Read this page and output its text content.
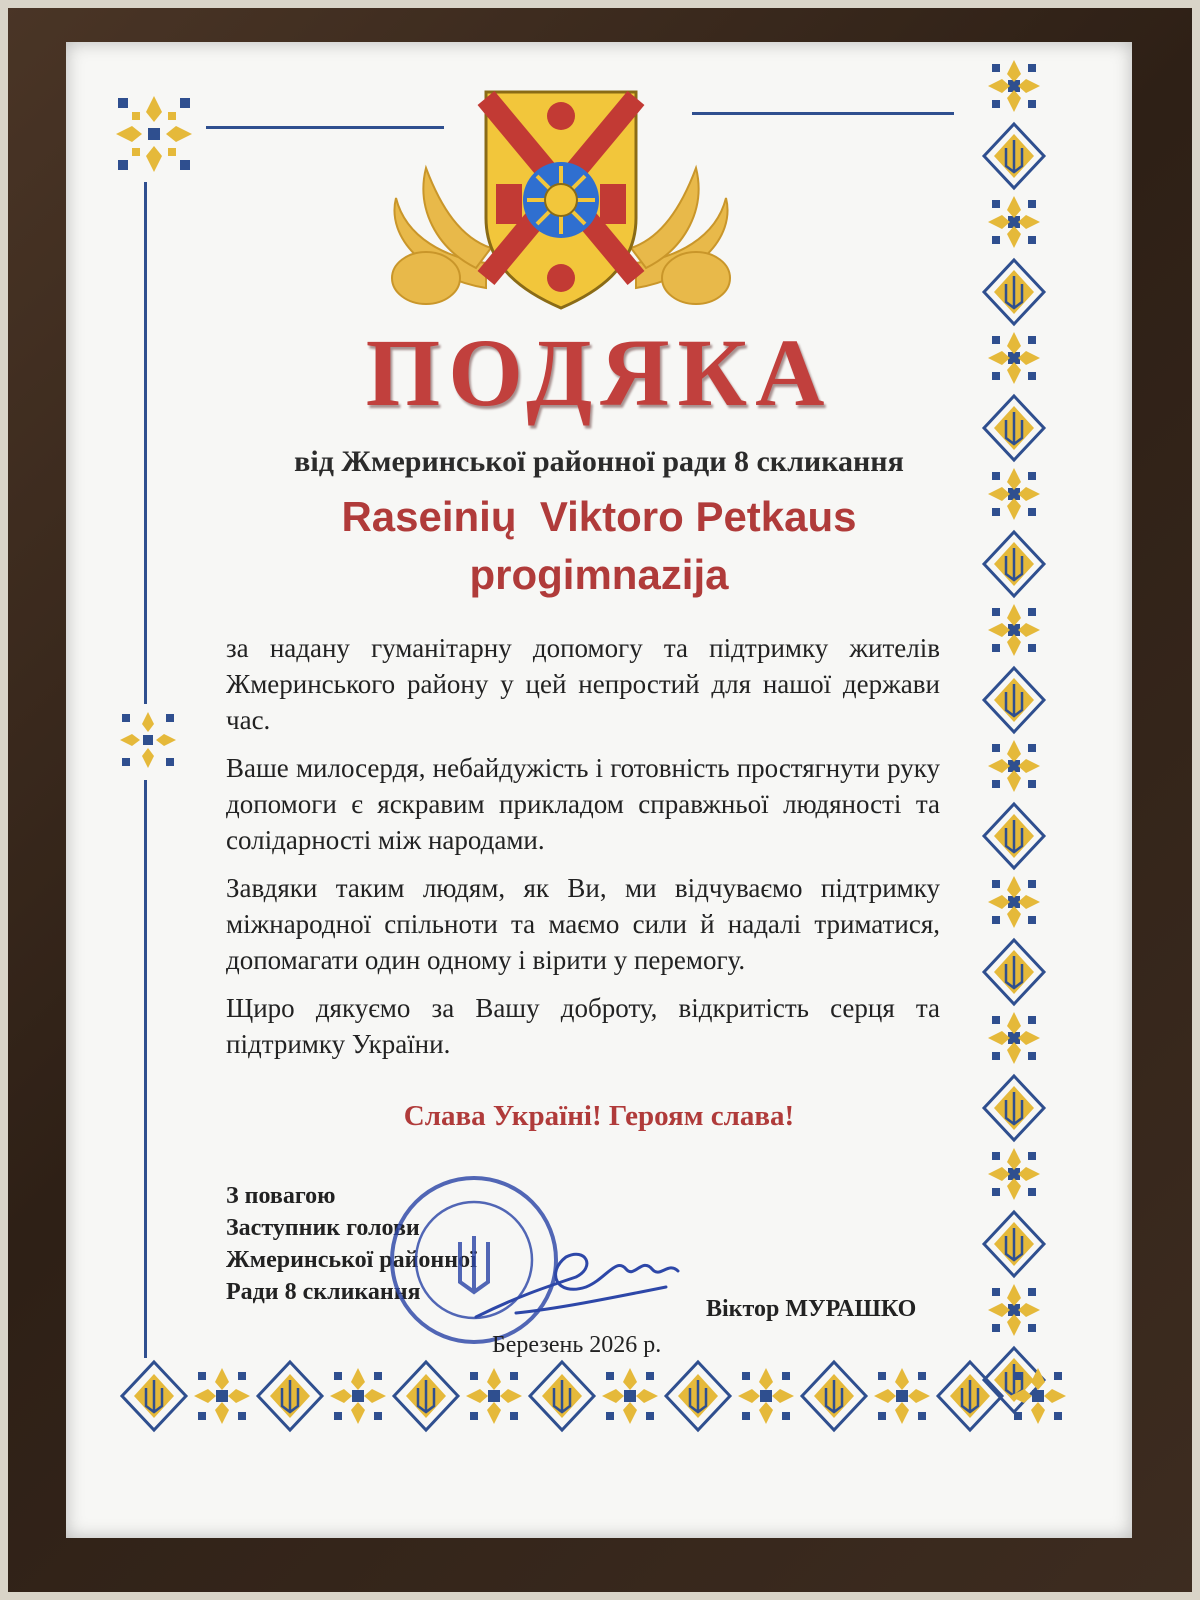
ПОДЯКА
від Жмеринської районної ради 8 скликання
Raseinių  Viktoro Petkaus
progimnazija

за надану гуманітарну допомогу та підтримку жителів Жмеринського району у цей непростий для нашої держави час.

Ваше милосердя, небайдужість і готовність простягнути руку допомоги є яскравим прикладом справжньої людяності та солідарності між народами.

Завдяки таким людям, як Ви, ми відчуваємо підтримку міжнародної спільноти та маємо сили й надалі триматися, допомагати один одному і вірити у перемогу.

Щиро дякуємо за Вашу доброту, відкритість серця та підтримку України.

Слава Україні! Героям слава!
З повагою
Заступник голови
Жмеринської районної
Ради 8 скликання
Віктор МУРАШКО
Березень 2026 р.
